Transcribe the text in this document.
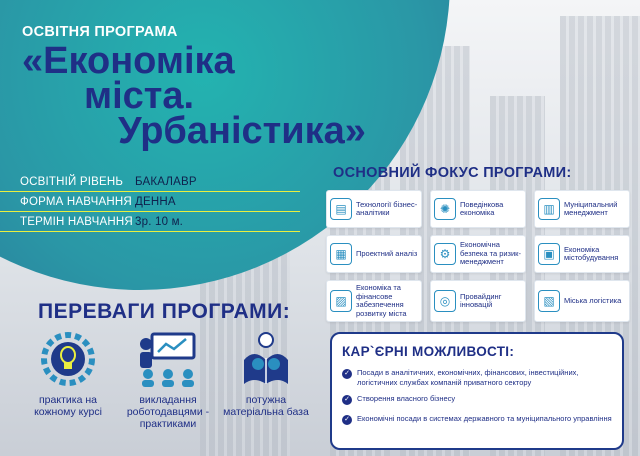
ОСВІТНЯ ПРОГРАМА
«Економіка
міста.
Урбаністика»
ОСВІТНІЙ РІВЕНЬ	БАКАЛАВР
ФОРМА НАВЧАННЯ ДЕННА
ТЕРМІН НАВЧАННЯ 3р. 10 м.
ОСНОВНИЙ ФОКУС ПРОГРАМИ:
▤	Технології бізнес-аналітики	✺	Поведінкова економіка	▥	Муніципальний менеджмент
▦	Проектний аналіз	⚙
Економічна безпека та ризик-менеджмент
▣	Економіка містобудування
▨
Економіка та фінансове забезпечення розвитку міста
◎	Провайдинг інновацій	▧	Міська логістика
ПЕРЕВАГИ ПРОГРАМИ:
практика на кожному курсі
викладання роботодавцями - практиками
потужна матеріальна база
КАР`ЄРНІ МОЖЛИВОСТІ:
✓ Посади в аналітичних, економічних, фінансових, інвестиційних, логістичних службах компаній приватного сектору
✓ Створення власного бізнесу
✓ Економічні посади в системах державного та муніципального управління
